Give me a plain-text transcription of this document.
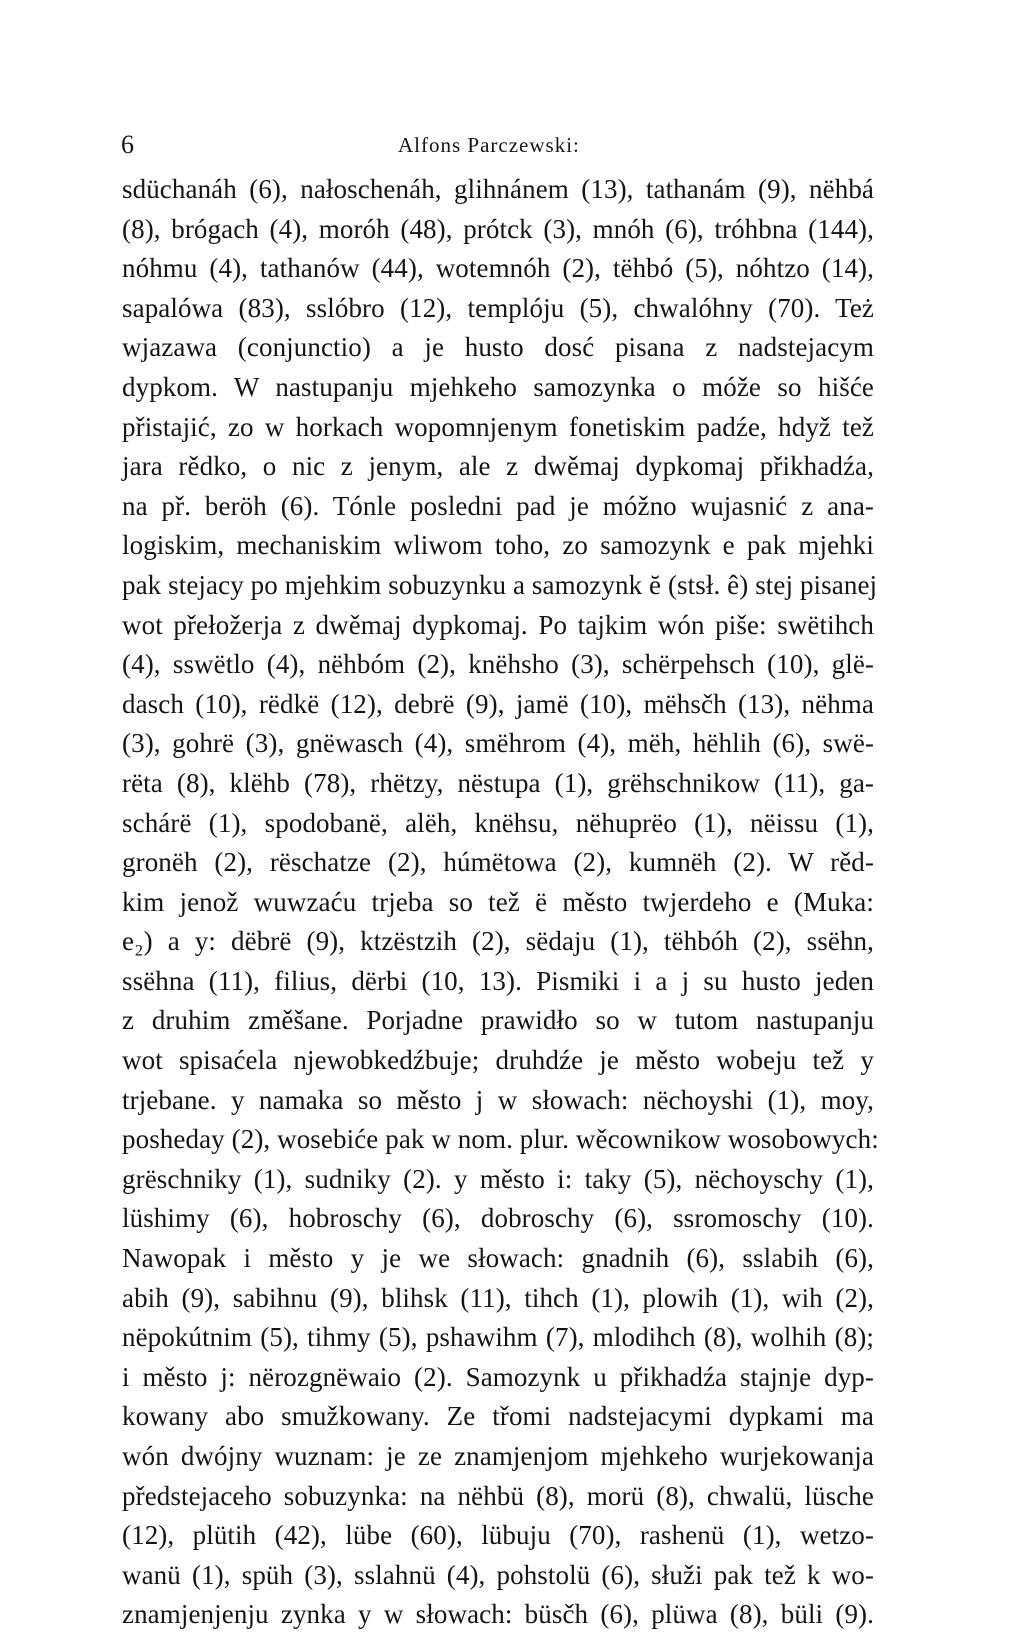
6	Alfons Parczewski:
sdüchanáh (6), nałoschenáh, glihnánem (13), tathanám (9), nëhbá
(8), brógach (4), moróh (48), prótck (3), mnóh (6), tróhbna (144),
nóhmu (4), tathanów (44), wotemnóh (2), tëhbó (5), nóhtzo (14),
sapalówa (83), sslóbro (12), templóju (5), chwalóhny (70). Też
wjazawa (conjunctio) a je husto dosć pisana z nadstejacym
dypkom. W nastupanju mjehkeho samozynka o móže so hišće
přistajić, zo w horkach wopomnjenym fonetiskim padźe, hdyž tež
jara rědko, o nic z jenym, ale z dwěmaj dypkomaj přikhadźa,
na př. beröh (6). Tónle posledni pad je móžno wujasnić z ana-
logiskim, mechaniskim wliwom toho, zo samozynk e pak mjehki
pak stejacy po mjehkim sobuzynku a samozynk ĕ (stsł. ê) stej pisanej
wot přełožerja z dwěmaj dypkomaj. Po tajkim wón piše: swëtihch
(4), sswëtlo (4), nëhbóm (2), knëhsho (3), schërpehsch (10), glë-
dasch (10), rëdkë (12), debrë (9), jamë (10), mëhsčh (13), nëhma
(3), gohrë (3), gnëwasch (4), smëhrom (4), mëh, hëhlih (6), swë-
rëta (8), klëhb (78), rhëtzy, nëstupa (1), grëhschnikow (11), ga-
schárë (1), spodobanë, alëh, knëhsu, nëhuprëo (1), nëissu (1),
gronëh (2), rëschatze (2), húmëtowa (2), kumnëh (2). W rěd-
kim jenož wuwzaću trjeba so tež ë město twjerdeho e (Muka:
e₂) a y: dëbrë (9), ktzëstzih (2), sëdaju (1), tëhbóh (2), ssëhn,
ssëhna (11), filius, dërbi (10, 13). Pismiki i a j su husto jeden
z druhim změšane. Porjadne prawidło so w tutom nastupanju
wot spisaćela njewobkedźbuje; druhdźe je město wobeju tež y
trjebane. y namaka so město j w słowach: nëchoyshi (1), moy,
posheday (2), wosebiće pak w nom. plur. wěcownikow wosobowych:
grëschniky (1), sudniky (2). y město i: taky (5), nëchoyschy (1),
lüshimy (6), hobroschy (6), dobroschy (6), ssromoschy (10).
Nawopak i město y je we słowach: gnadnih (6), sslabih (6),
abih (9), sabihnu (9), blihsk (11), tihch (1), plowih (1), wih (2),
nëpokútnim (5), tihmy (5), pshawihm (7), mlodihch (8), wolhih (8);
i město j: nërozgnëwaio (2). Samozynk u přikhadźa stajnje dyp-
kowany abo smužkowany. Ze třomi nadstejacymi dypkami ma
wón dwójny wuznam: je ze znamjenjom mjehkeho wurjekowanja
předstejaceho sobuzynka: na nëhbü (8), morü (8), chwalü, lüsche
(12), plütih (42), lübe (60), lübuju (70), rashenü (1), wetzo-
wanü (1), spüh (3), sslahnü (4), pohstolü (6), słuži pak tež k wo-
znamjenjenju zynka y w słowach: büsčh (6), plüwa (8), büli (9).
